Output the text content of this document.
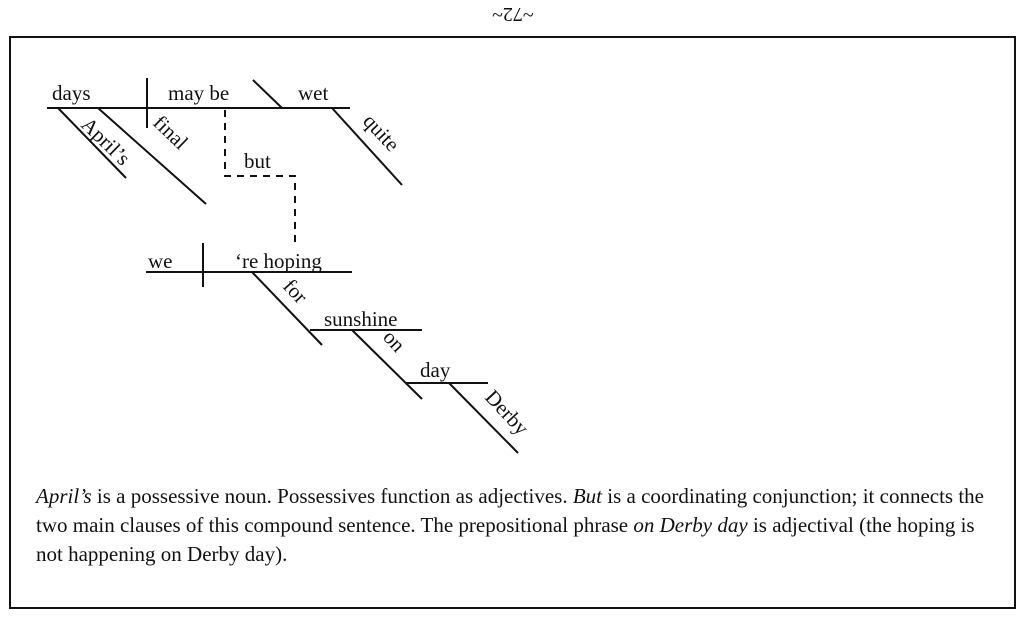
~72~
days	may be	wet
April’s final	quite
but
we	‘re hoping
for
sunshine
on
day
Derby
April’s is a possessive noun. Possessives function as adjectives. But is a coordinating conjunction; it connects the two main clauses of this compound sentence. The prepositional phrase on Derby day is adjectival (the hoping is not happening on Derby day).
